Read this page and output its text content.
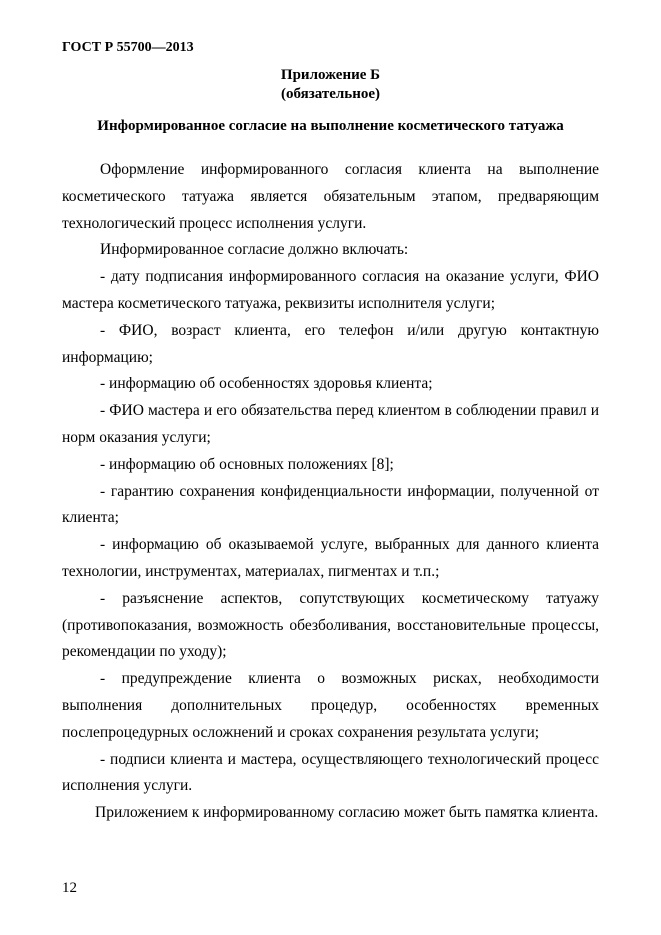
ГОСТ Р 55700—2013
Приложение Б
(обязательное)
Информированное согласие на выполнение косметического татуажа

Оформление информированного согласия клиента на выполнение косметического татуажа является обязательным этапом, предваряющим технологический процесс исполнения услуги.

Информированное согласие должно включать:

- дату подписания информированного согласия на оказание услуги, ФИО мастера косметического татуажа, реквизиты исполнителя услуги;

- ФИО, возраст клиента, его телефон и/или другую контактную информацию;

- информацию об особенностях здоровья клиента;

- ФИО мастера и его обязательства перед клиентом в соблюдении правил и норм оказания услуги;

- информацию об основных положениях [8];

- гарантию сохранения конфиденциальности информации, полученной от клиента;

- информацию об оказываемой услуге, выбранных для данного клиента технологии, инструментах, материалах, пигментах и т.п.;

- разъяснение аспектов, сопутствующих косметическому татуажу (противопоказания, возможность обезболивания, восстановительные процессы, рекомендации по уходу);

- предупреждение клиента о возможных рисках, необходимости выполнения дополнительных процедур, особенностях временных послепроцедурных осложнений и сроках сохранения результата услуги;

- подписи клиента и мастера, осуществляющего технологический процесс исполнения услуги.

Приложением к информированному согласию может быть памятка клиента.

12
